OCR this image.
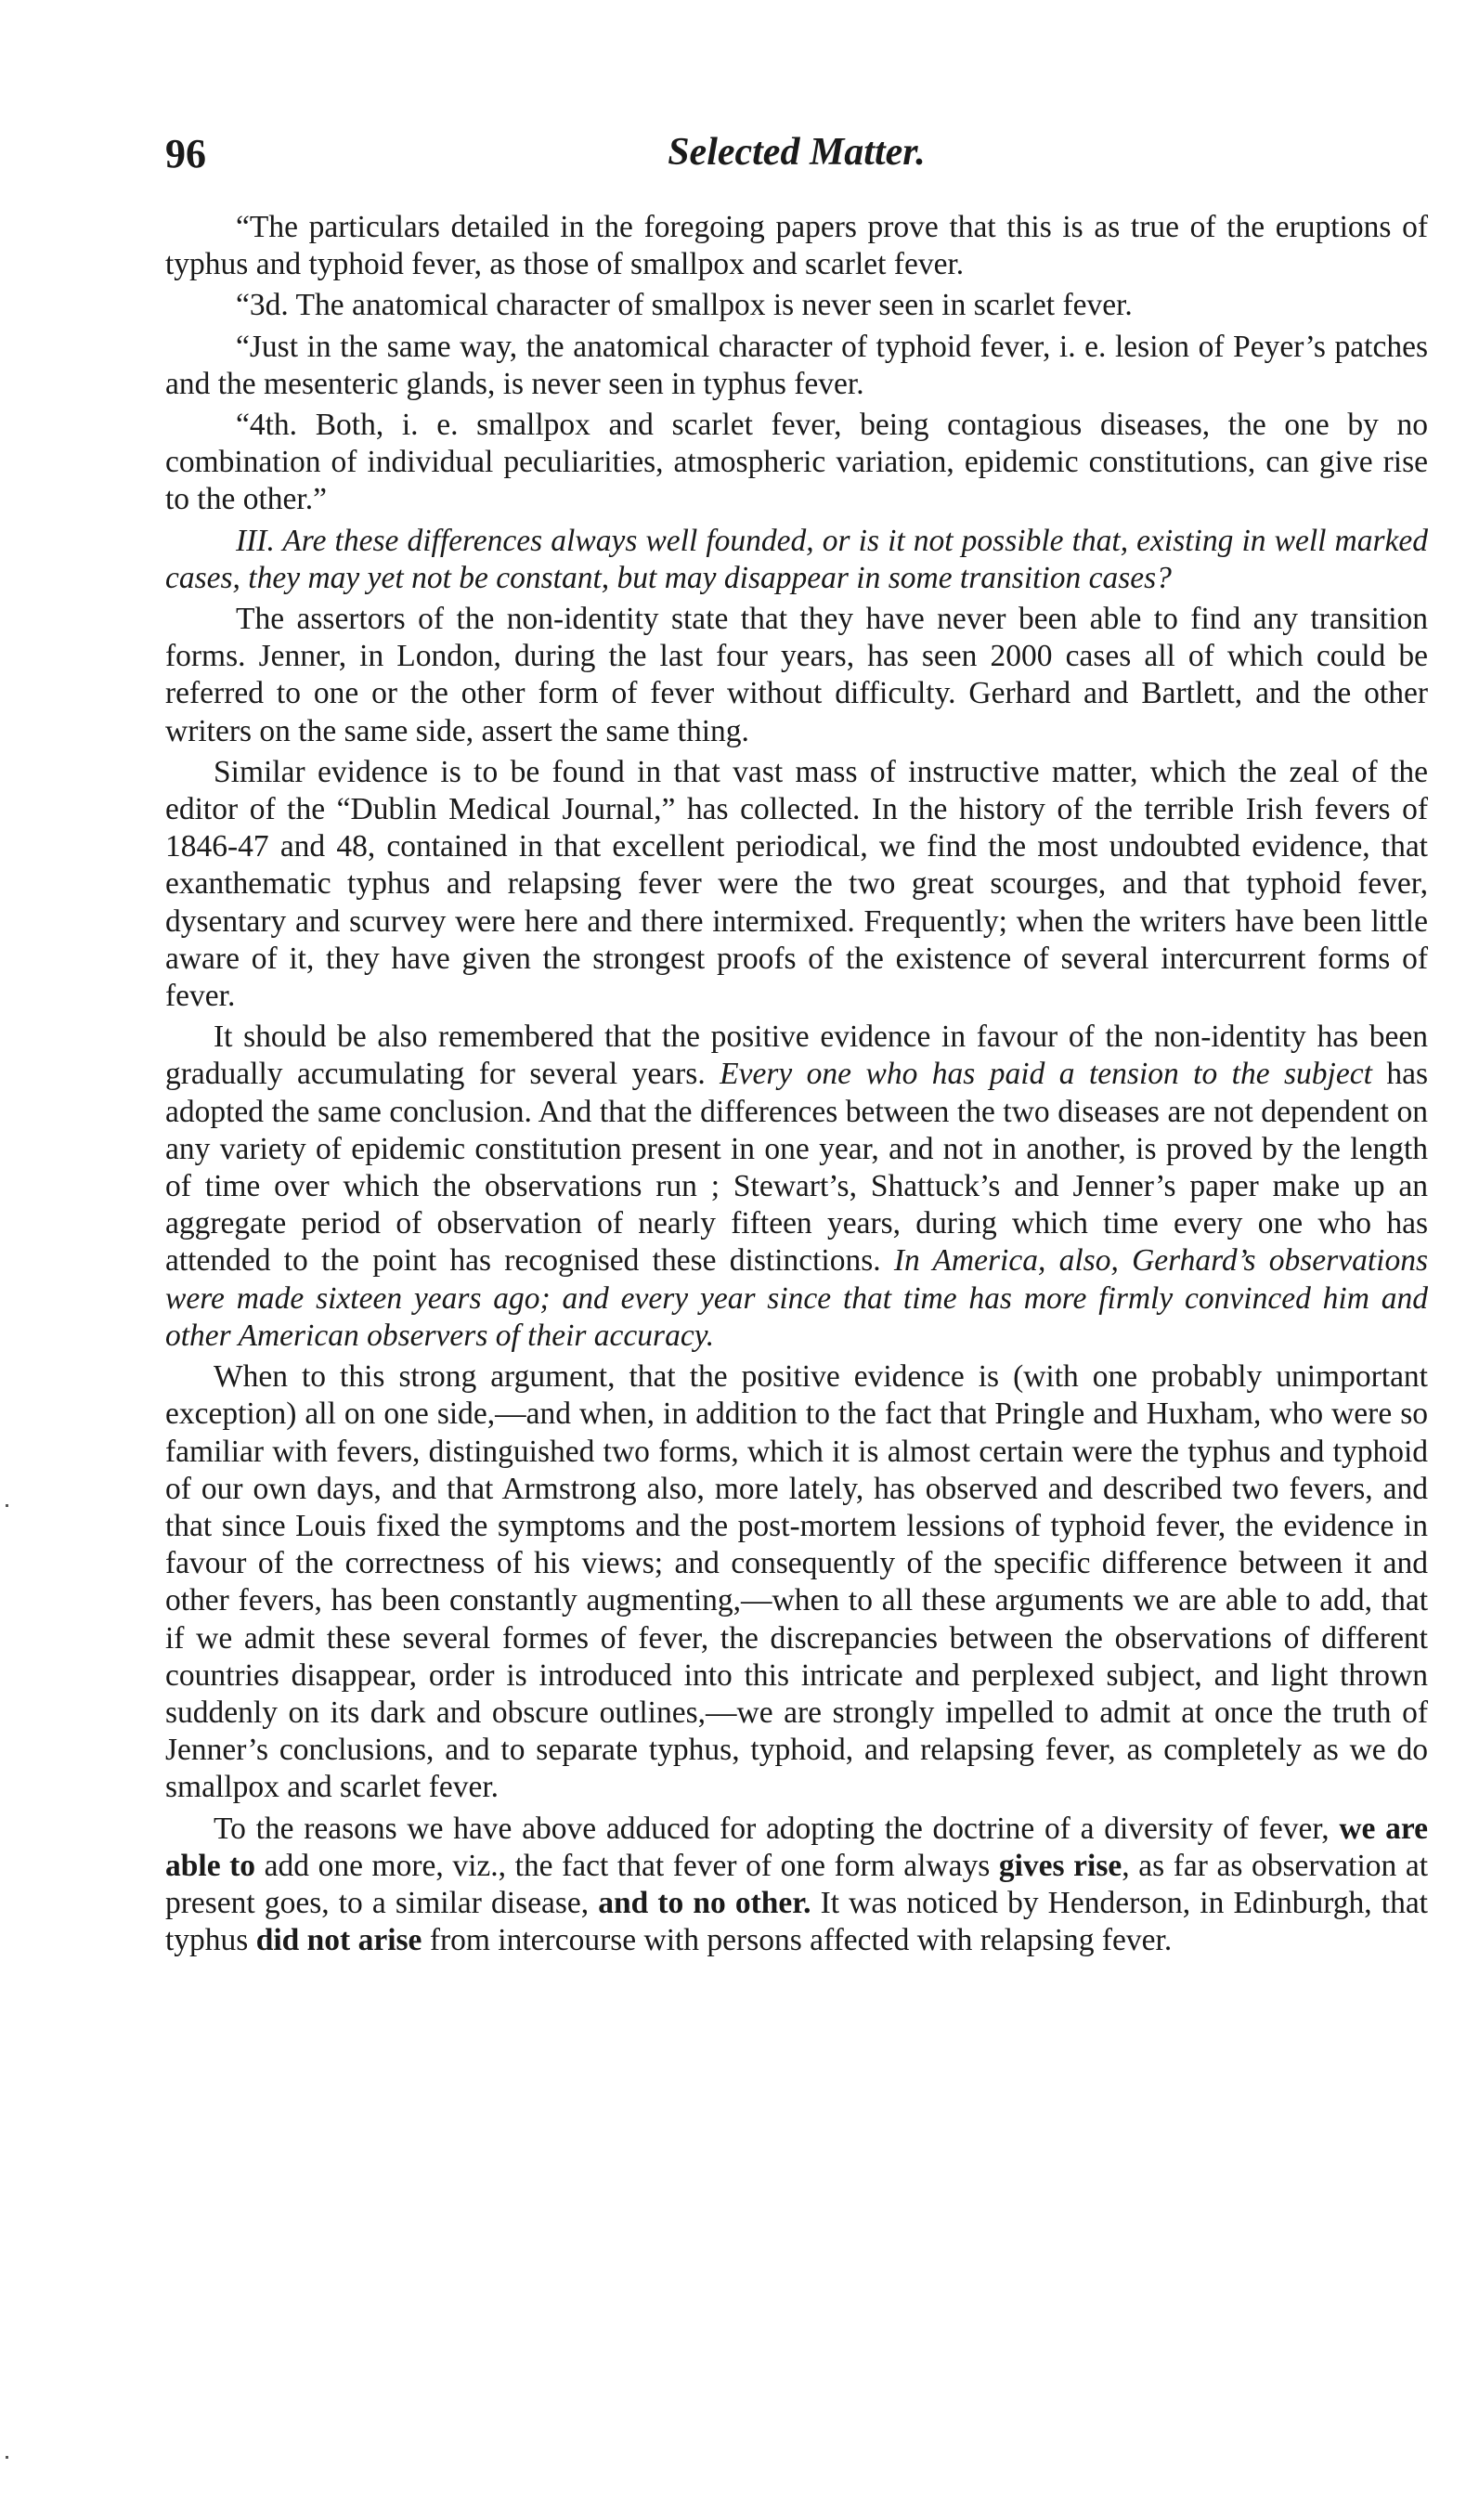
96	Selected Matter.

“The particulars detailed in the foregoing papers prove that this is as true of the eruptions of typhus and typhoid fever, as those of smallpox and scarlet fever.

“3d. The anatomical character of smallpox is never seen in scarlet fever.

“Just in the same way, the anatomical character of typhoid fever, i. e. lesion of Peyer’s patches and the mesenteric glands, is never seen in typhus fever.

“4th. Both, i. e. smallpox and scarlet fever, being contagious diseases, the one by no combination of individual peculiarities, atmospheric variation, epidemic constitutions, can give rise to the other.”

III. Are these differences always well founded, or is it not possible that, existing in well marked cases, they may yet not be constant, but may disappear in some transition cases?

The assertors of the non-identity state that they have never been able to find any transition forms. Jenner, in London, during the last four years, has seen 2000 cases all of which could be referred to one or the other form of fever without difficulty. Gerhard and Bartlett, and the other writers on the same side, assert the same thing.

Similar evidence is to be found in that vast mass of instructive matter, which the zeal of the editor of the “Dublin Medical Journal,” has collected. In the history of the terrible Irish fevers of 1846-47 and 48, contained in that excellent periodical, we find the most undoubted evidence, that exanthematic typhus and relapsing fever were the two great scourges, and that typhoid fever, dysentary and scurvey were here and there intermixed. Frequently; when the writers have been little aware of it, they have given the strongest proofs of the existence of several intercurrent forms of fever.

It should be also remembered that the positive evidence in favour of the non-identity has been gradually accumulating for several years. Every one who has paid a tension to the subject has adopted the same conclusion. And that the differences between the two diseases are not dependent on any variety of epidemic constitution present in one year, and not in another, is proved by the length of time over which the observations run ; Stewart’s, Shattuck’s and Jenner’s paper make up an aggregate period of observation of nearly fifteen years, during which time every one who has attended to the point has recognised these distinctions. In America, also, Gerhard’s observations were made sixteen years ago; and every year since that time has more firmly convinced him and other American observers of their accuracy.

When to this strong argument, that the positive evidence is (with one probably unimportant exception) all on one side,—and when, in addition to the fact that Pringle and Huxham, who were so familiar with fevers, distinguished two forms, which it is almost certain were the typhus and typhoid of our own days, and that Armstrong also, more lately, has observed and described two fevers, and that since Louis fixed the symptoms and the post-mortem lessions of typhoid fever, the evidence in favour of the correctness of his views; and consequently of the specific difference between it and other fevers, has been constantly augmenting,—when to all these arguments we are able to add, that if we admit these several formes of fever, the discrepancies between the observations of different countries disappear, order is introduced into this intricate and perplexed subject, and light thrown suddenly on its dark and obscure outlines,—we are strongly impelled to admit at once the truth of Jenner’s conclusions, and to separate typhus, typhoid, and relapsing fever, as completely as we do smallpox and scarlet fever.

To the reasons we have above adduced for adopting the doctrine of a diversity of fever, we are able to add one more, viz., the fact that fever of one form always gives rise, as far as observation at present goes, to a similar disease, and to no other. It was noticed by Henderson, in Edinburgh, that typhus did not arise from intercourse with persons affected with relapsing fever.
